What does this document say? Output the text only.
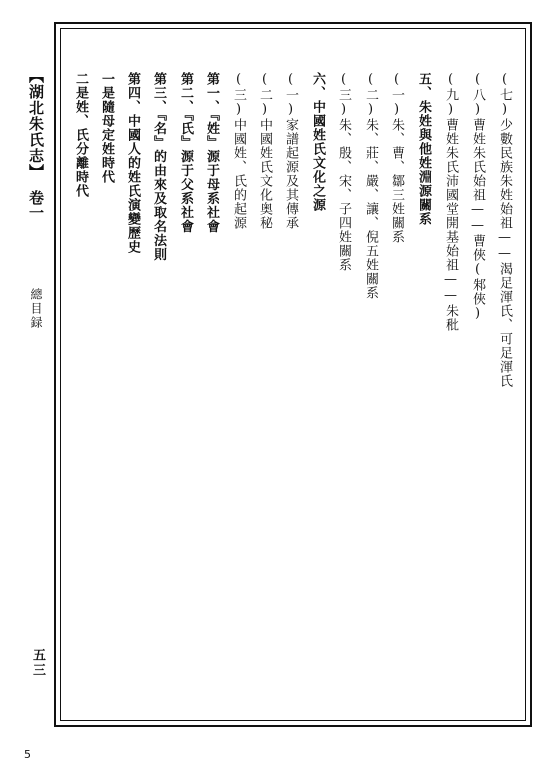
【湖北朱氏志】
卷一
總目録
五三
(七)少數民族朱姓始祖——渴足渾氏、可足渾氏
(八)曹姓朱氏始祖——曹俠(邾俠)
(九)曹姓朱氏沛國堂開基始祖——朱秕
五、朱姓與他姓淵源關系
(一)朱、曹、鄒三姓關系
(二)朱、莊、嚴、讓、倪五姓關系
(三)朱、殷、宋、子四姓關系
六、中國姓氏文化之源
(一)家譜起源及其傳承
(二)中國姓氏文化奥秘
(三)中國姓、氏的起源
第一、『姓』源于母系社會
第二、『氏』源于父系社會
第三、『名』的由來及取名法則
第四、中國人的姓氏演變歷史
一是隨母定姓時代
二是姓、氏分離時代
5
